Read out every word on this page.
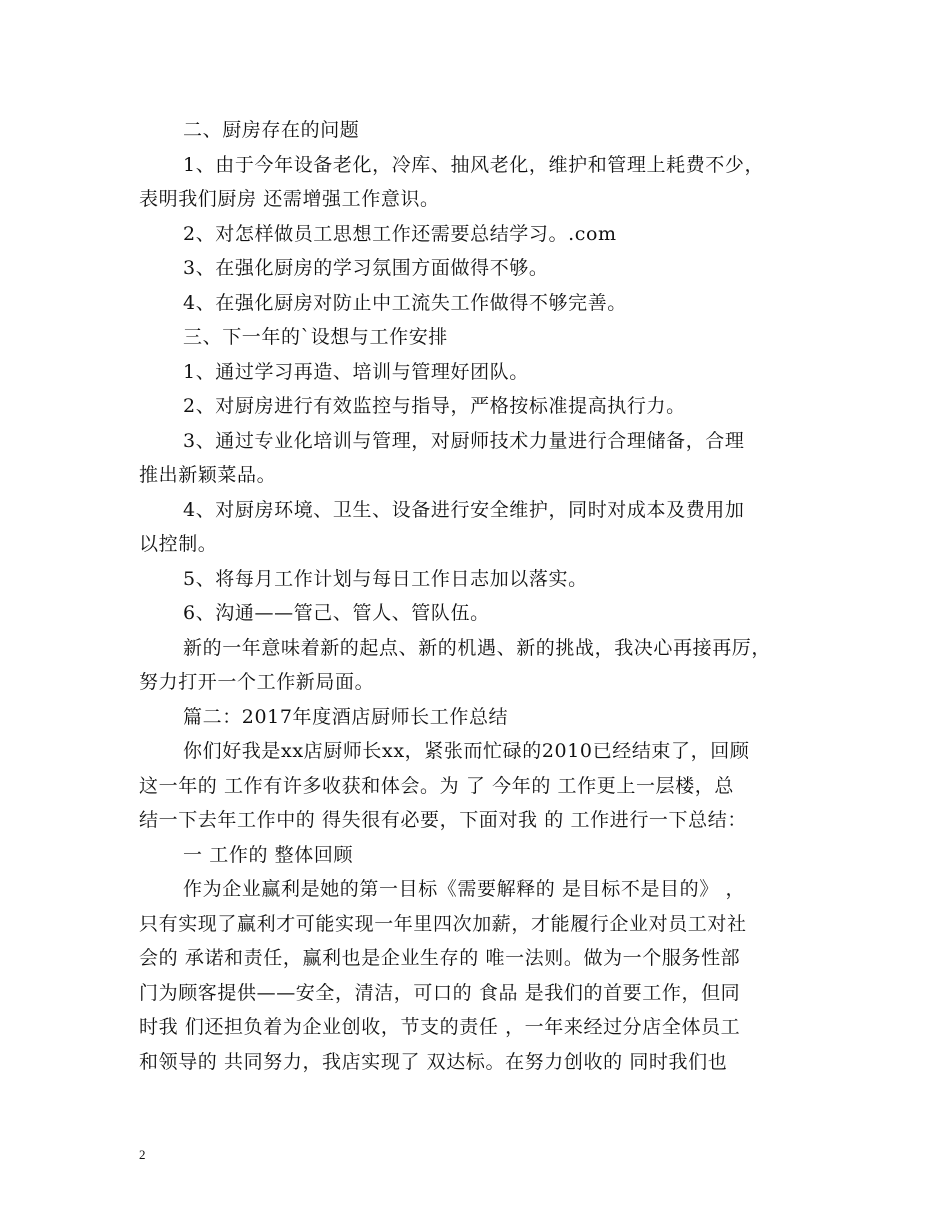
二、厨房存在的问题
1、由于今年设备老化，冷库、抽风老化，维护和管理上耗费不少，
表明我们厨房 还需增强工作意识。
2、对怎样做员工思想工作还需要总结学习。.com
3、在强化厨房的学习氛围方面做得不够。
4、在强化厨房对防止中工流失工作做得不够完善。
三、下一年的`设想与工作安排
1、通过学习再造、培训与管理好团队。
2、对厨房进行有效监控与指导，严格按标准提高执行力。
3、通过专业化培训与管理，对厨师技术力量进行合理储备，合理
推出新颖菜品。
4、对厨房环境、卫生、设备进行安全维护，同时对成本及费用加
以控制。
5、将每月工作计划与每日工作日志加以落实。
6、沟通——管己、管人、管队伍。
新的一年意味着新的起点、新的机遇、新的挑战，我决心再接再厉，
努力打开一个工作新局面。
篇二：2017年度酒店厨师长工作总结
你们好我是xx店厨师长xx，紧张而忙碌的2010已经结束了，回顾
这一年的 工作有许多收获和体会。为 了 今年的 工作更上一层楼，总
结一下去年工作中的 得失很有必要，下面对我 的 工作进行一下总结：
一 工作的 整体回顾
作为企业赢利是她的第一目标《需要解释的 是目标不是目的》 ，
只有实现了赢利才可能实现一年里四次加薪，才能履行企业对员工对社
会的 承诺和责任，赢利也是企业生存的 唯一法则。做为一个服务性部
门为顾客提供——安全，清洁，可口的 食品 是我们的首要工作，但同
时我 们还担负着为企业创收，节支的责任 ，一年来经过分店全体员工
和领导的 共同努力，我店实现了 双达标。在努力创收的 同时我们也
2
